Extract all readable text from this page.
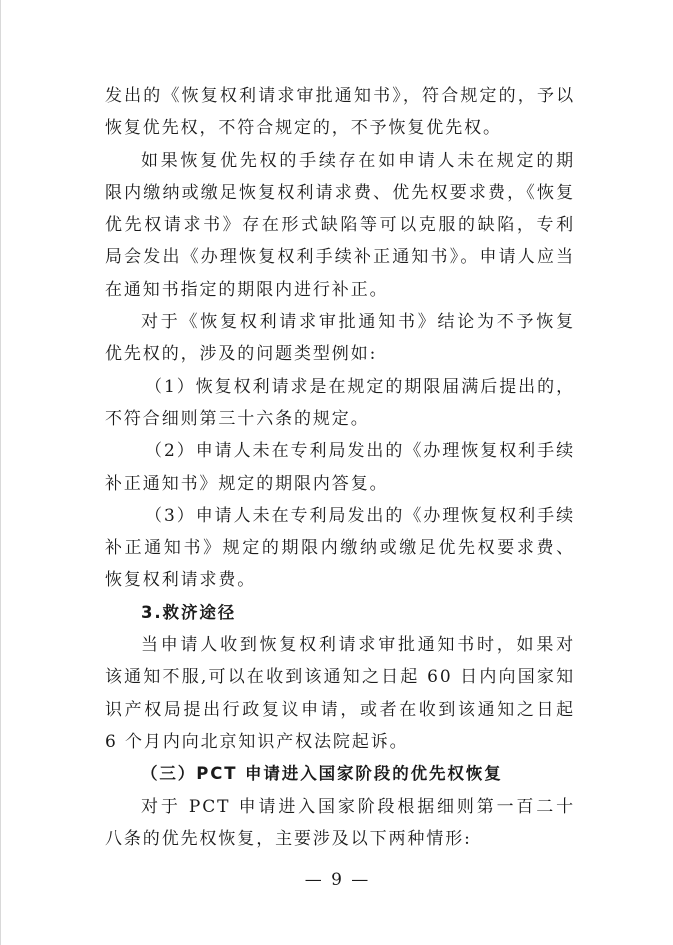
发出的《恢复权利请求审批通知书》，符合规定的，予以恢复优先权，不符合规定的，不予恢复优先权。

如果恢复优先权的手续存在如申请人未在规定的期限内缴纳或缴足恢复权利请求费、优先权要求费，《恢复优先权请求书》存在形式缺陷等可以克服的缺陷，专利局会发出《办理恢复权利手续补正通知书》。申请人应当在通知书指定的期限内进行补正。

对于《恢复权利请求审批通知书》结论为不予恢复优先权的，涉及的问题类型例如:

（1）恢复权利请求是在规定的期限届满后提出的，不符合细则第三十六条的规定。

（2）申请人未在专利局发出的《办理恢复权利手续补正通知书》规定的期限内答复。

（3）申请人未在专利局发出的《办理恢复权利手续补正通知书》规定的期限内缴纳或缴足优先权要求费、恢复权利请求费。

3.救济途径

当申请人收到恢复权利请求审批通知书时，如果对该通知不服,可以在收到该通知之日起 60 日内向国家知识产权局提出行政复议申请，或者在收到该通知之日起 6 个月内向北京知识产权法院起诉。

（三）PCT 申请进入国家阶段的优先权恢复

对于 PCT 申请进入国家阶段根据细则第一百二十八条的优先权恢复，主要涉及以下两种情形:

— 9 —
